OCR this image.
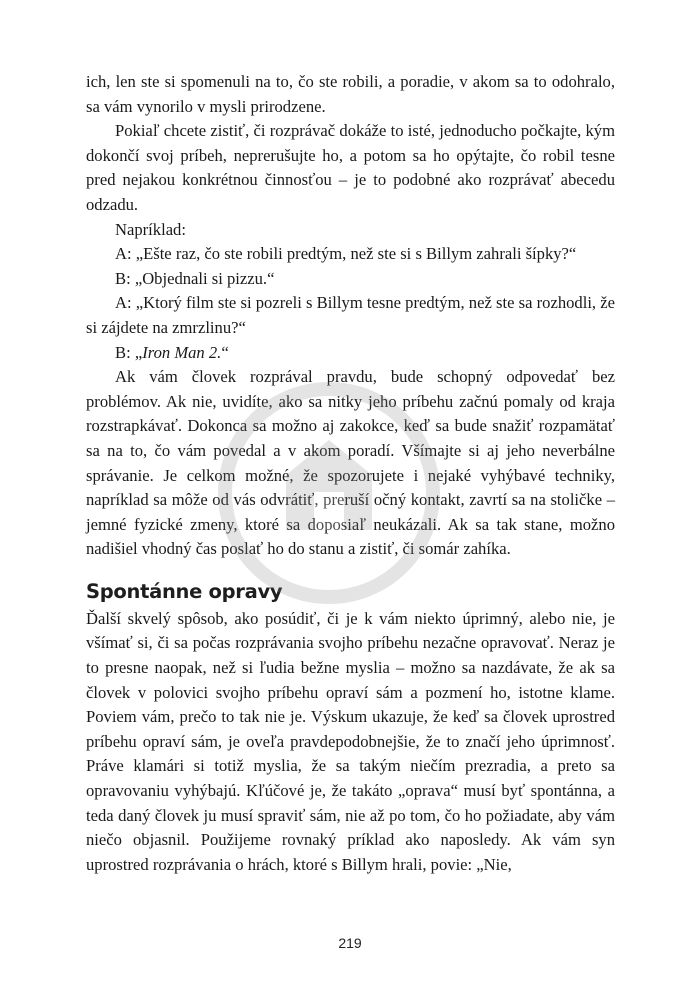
ich, len ste si spomenuli na to, čo ste robili, a poradie, v akom sa to odohralo, sa vám vynorilo v mysli prirodzene.

Pokiaľ chcete zistiť, či rozprávač dokáže to isté, jednoducho počkajte, kým dokončí svoj príbeh, neprerušujte ho, a potom sa ho opýtajte, čo robil tesne pred nejakou konkrétnou činnosťou – je to podobné ako rozprávať abecedu odzadu.

Napríklad:

A: „Ešte raz, čo ste robili predtým, než ste si s Billym zahrali šípky?“

B: „Objednali si pizzu.“

A: „Ktorý film ste si pozreli s Billym tesne predtým, než ste sa rozhodli, že si zájdete na zmrzlinu?“

B: „Iron Man 2.“

Ak vám človek rozprával pravdu, bude schopný odpovedať bez problémov. Ak nie, uvidíte, ako sa nitky jeho príbehu začnú pomaly od kraja rozstrapkávať. Dokonca sa možno aj zakokce, keď sa bude snažiť rozpamätať sa na to, čo vám povedal a v akom poradí. Všímajte si aj jeho neverbálne správanie. Je celkom možné, že spozorujete i nejaké vyhýbavé techniky, napríklad sa môže od vás odvrátiť, preruší očný kontakt, zavrtí sa na stoličke – jemné fyzické zmeny, ktoré sa doposiaľ neukázali. Ak sa tak stane, možno nadišiel vhodný čas poslať ho do stanu a zistiť, či somár zahíka.

Spontánne opravy

Ďalší skvelý spôsob, ako posúdiť, či je k vám niekto úprimný, alebo nie, je všímať si, či sa počas rozprávania svojho príbehu nezačne opravovať. Neraz je to presne naopak, než si ľudia bežne myslia – možno sa nazdávate, že ak sa človek v polovici svojho príbehu opraví sám a pozmení ho, istotne klame. Poviem vám, prečo to tak nie je. Výskum ukazuje, že keď sa človek uprostred príbehu opraví sám, je oveľa pravdepodobnejšie, že to značí jeho úprimnosť. Práve klamári si totiž myslia, že sa takým niečím prezradia, a preto sa opravovaniu vyhýbajú. Kľúčové je, že takáto „oprava“ musí byť spontánna, a teda daný človek ju musí spraviť sám, nie až po tom, čo ho požiadate, aby vám niečo objasnil. Použijeme rovnaký príklad ako naposledy. Ak vám syn uprostred rozprávania o hrách, ktoré s Billym hrali, povie: „Nie,

219
